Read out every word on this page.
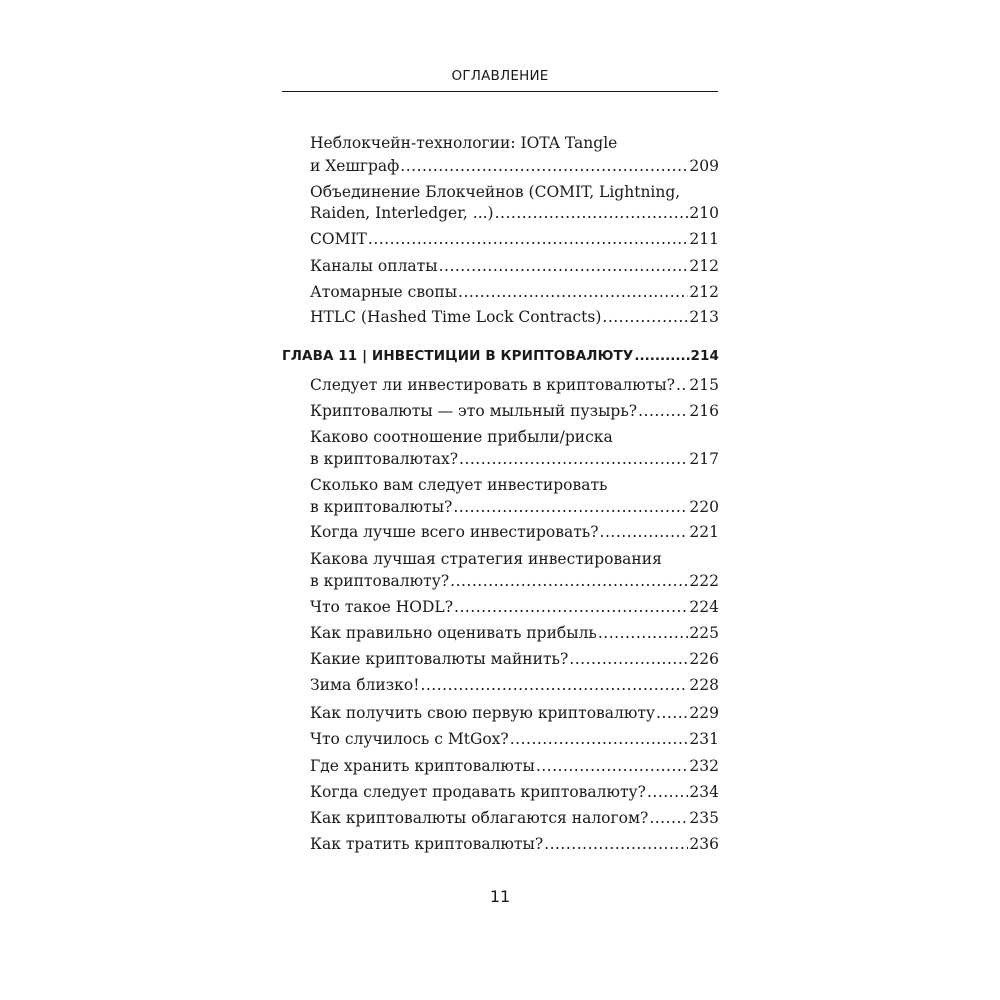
ОГЛАВЛЕНИЕ
Неблокчейн-технологии: IOTA Tangle
и Хешграф .....	209
Объединение Блокчейнов (COMIT, Lightning,
Raiden, Interledger, ...) .....	210
COMIT .....	211
Каналы оплаты .....	212
Атомарные свопы .....	212
HTLC (Hashed Time Lock Contracts) .....	213
ГЛАВА 11 | ИНВЕСТИЦИИ В КРИПТОВАЛЮТУ .....	214
Следует ли инвестировать в криптовалюты? ..... 215
Криптовалюты — это мыльный пузырь? .....	216
Каково соотношение прибыли/риска
в криптовалютах? .....	217
Сколько вам следует инвестировать
в криптовалюты? .....	220
Когда лучше всего инвестировать? .....	221
Какова лучшая стратегия инвестирования
в криптовалюту? .....	222
Что такое HODL? .....	224
Как правильно оценивать прибыль .....	225
Какие криптовалюты майнить? .....	226
Зима близко! .....	228
Как получить свою первую криптовалюту ..... 229
Что случилось с MtGox? .....	231
Где хранить криптовалюты .....	232
Когда следует продавать криптовалюту? .....	234
Как криптовалюты облагаются налогом? .....	235
Как тратить криптовалюты? .....	236
11
